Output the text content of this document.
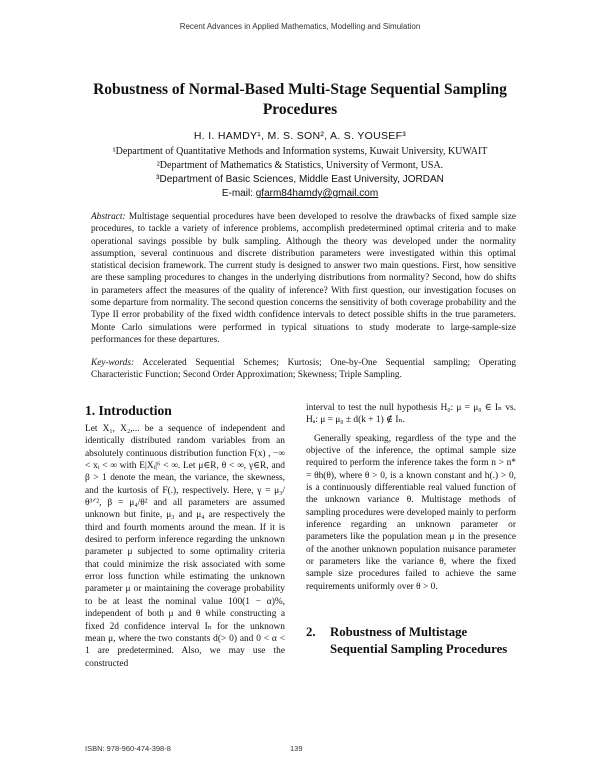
Recent Advances in Applied Mathematics, Modelling and Simulation
Robustness of Normal-Based Multi-Stage Sequential Sampling Procedures
H. I. HAMDY¹, M. S. SON², A. S. YOUSEF³
¹Department of Quantitative Methods and Information systems, Kuwait University, KUWAIT
²Department of Mathematics & Statistics, University of Vermont, USA.
³Department of Basic Sciences, Middle East University, JORDAN
E-mail: gfarm84hamdy@gmail.com

Abstract: Multistage sequential procedures have been developed to resolve the drawbacks of fixed sample size procedures, to tackle a variety of inference problems, accomplish predetermined optimal criteria and to make operational savings possible by bulk sampling. Although the theory was developed under the normality assumption, several continuous and discrete distribution parameters were investigated within this optimal statistical decision framework. The current study is designed to answer two main questions. First, how sensitive are these sampling procedures to changes in the underlying distributions from normality? Second, how do shifts in parameters affect the measures of the quality of inference? With first question, our investigation focuses on some departure from normality. The second question concerns the sensitivity of both coverage probability and the Type II error probability of the fixed width confidence intervals to detect possible shifts in the true parameters. Monte Carlo simulations were performed in typical situations to study moderate to large-sample-size performances for these departures.

Key-words: Accelerated Sequential Schemes; Kurtosis; One-by-One Sequential sampling; Operating Characteristic Function; Second Order Approximation; Skewness; Triple Sampling.

1. Introduction

Let X₁, X₂,... be a sequence of independent and identically distributed random variables from an absolutely continuous distribution function F(x) , −∞ < xᵢ < ∞ with E|Xᵢ|⁶ < ∞. Let μ∈R, θ < ∞, γ∈R, and β > 1 denote the mean, the variance, the skewness, and the kurtosis of F(.), respectively. Here, γ = μ₃/θ³ᐟ², β = μ₄/θ² and all parameters are assumed unknown but finite, μ₃ and μ₄ are respectively the third and fourth moments around the mean. If it is desired to perform inference regarding the unknown parameter μ subjected to some optimality criteria that could minimize the risk associated with some error loss function while estimating the unknown parameter μ or maintaining the coverage probability to be at least the nominal value 100(1 − α)%, independent of both μ and θ while constructing a fixed 2d confidence interval Iₙ for the unknown mean μ, where the two constants d(> 0) and 0 < α < 1 are predetermined. Also, we may use the constructed

interval to test the null hypothesis H₀: μ = μ₀ ∈ Iₙ vs. Hₐ: μ = μ₀ ± d(k + 1) ∉ Iₙ.

Generally speaking, regardless of the type and the objective of the inference, the optimal sample size required to perform the inference takes the form n > n* = θh(θ), where θ > 0, is a known constant and h(.) > 0, is a continuously differentiable real valued function of the unknown variance θ. Multistage methods of sampling procedures were developed mainly to perform inference regarding an unknown parameter or parameters like the population mean μ in the presence of the another unknown population nuisance parameter or parameters like the variance θ, where the fixed sample size procedures failed to achieve the same requirements uniformly over θ > 0.

2. Robustness of Multistage Sequential Sampling Procedures
ISBN: 978-960-474-398-8	139
